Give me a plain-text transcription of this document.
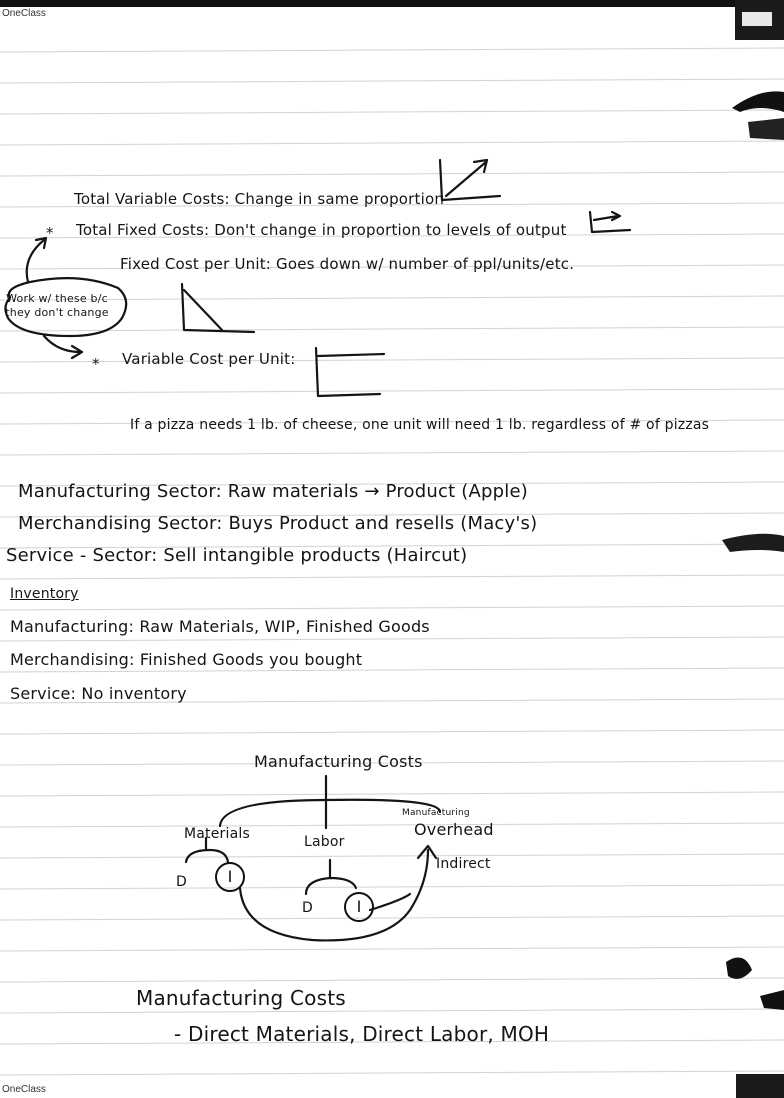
OneClass
OneClass
Total Variable Costs: Change in same proportion
* Total Fixed Costs: Don't change in proportion to levels of output
Fixed Cost per Unit: Goes down w/ number of ppl/units/etc.
Work w/ these b/c they don't change
* Variable Cost per Unit:
If a pizza needs 1 lb. of cheese, one unit will need 1 lb. regardless of # of pizzas
Manufacturing Sector: Raw materials → Product (Apple)
Merchandising Sector: Buys Product and resells (Macy's)
Service - Sector: Sell intangible products (Haircut)
Inventory
Manufacturing: Raw Materials, WIP, Finished Goods
Merchandising: Finished Goods you bought
Service: No inventory
Manufacturing Costs
Materials	Labor
Manufacturing
Overhead
Indirect
D	I
D	I
Manufacturing Costs
- Direct Materials, Direct Labor, MOH
